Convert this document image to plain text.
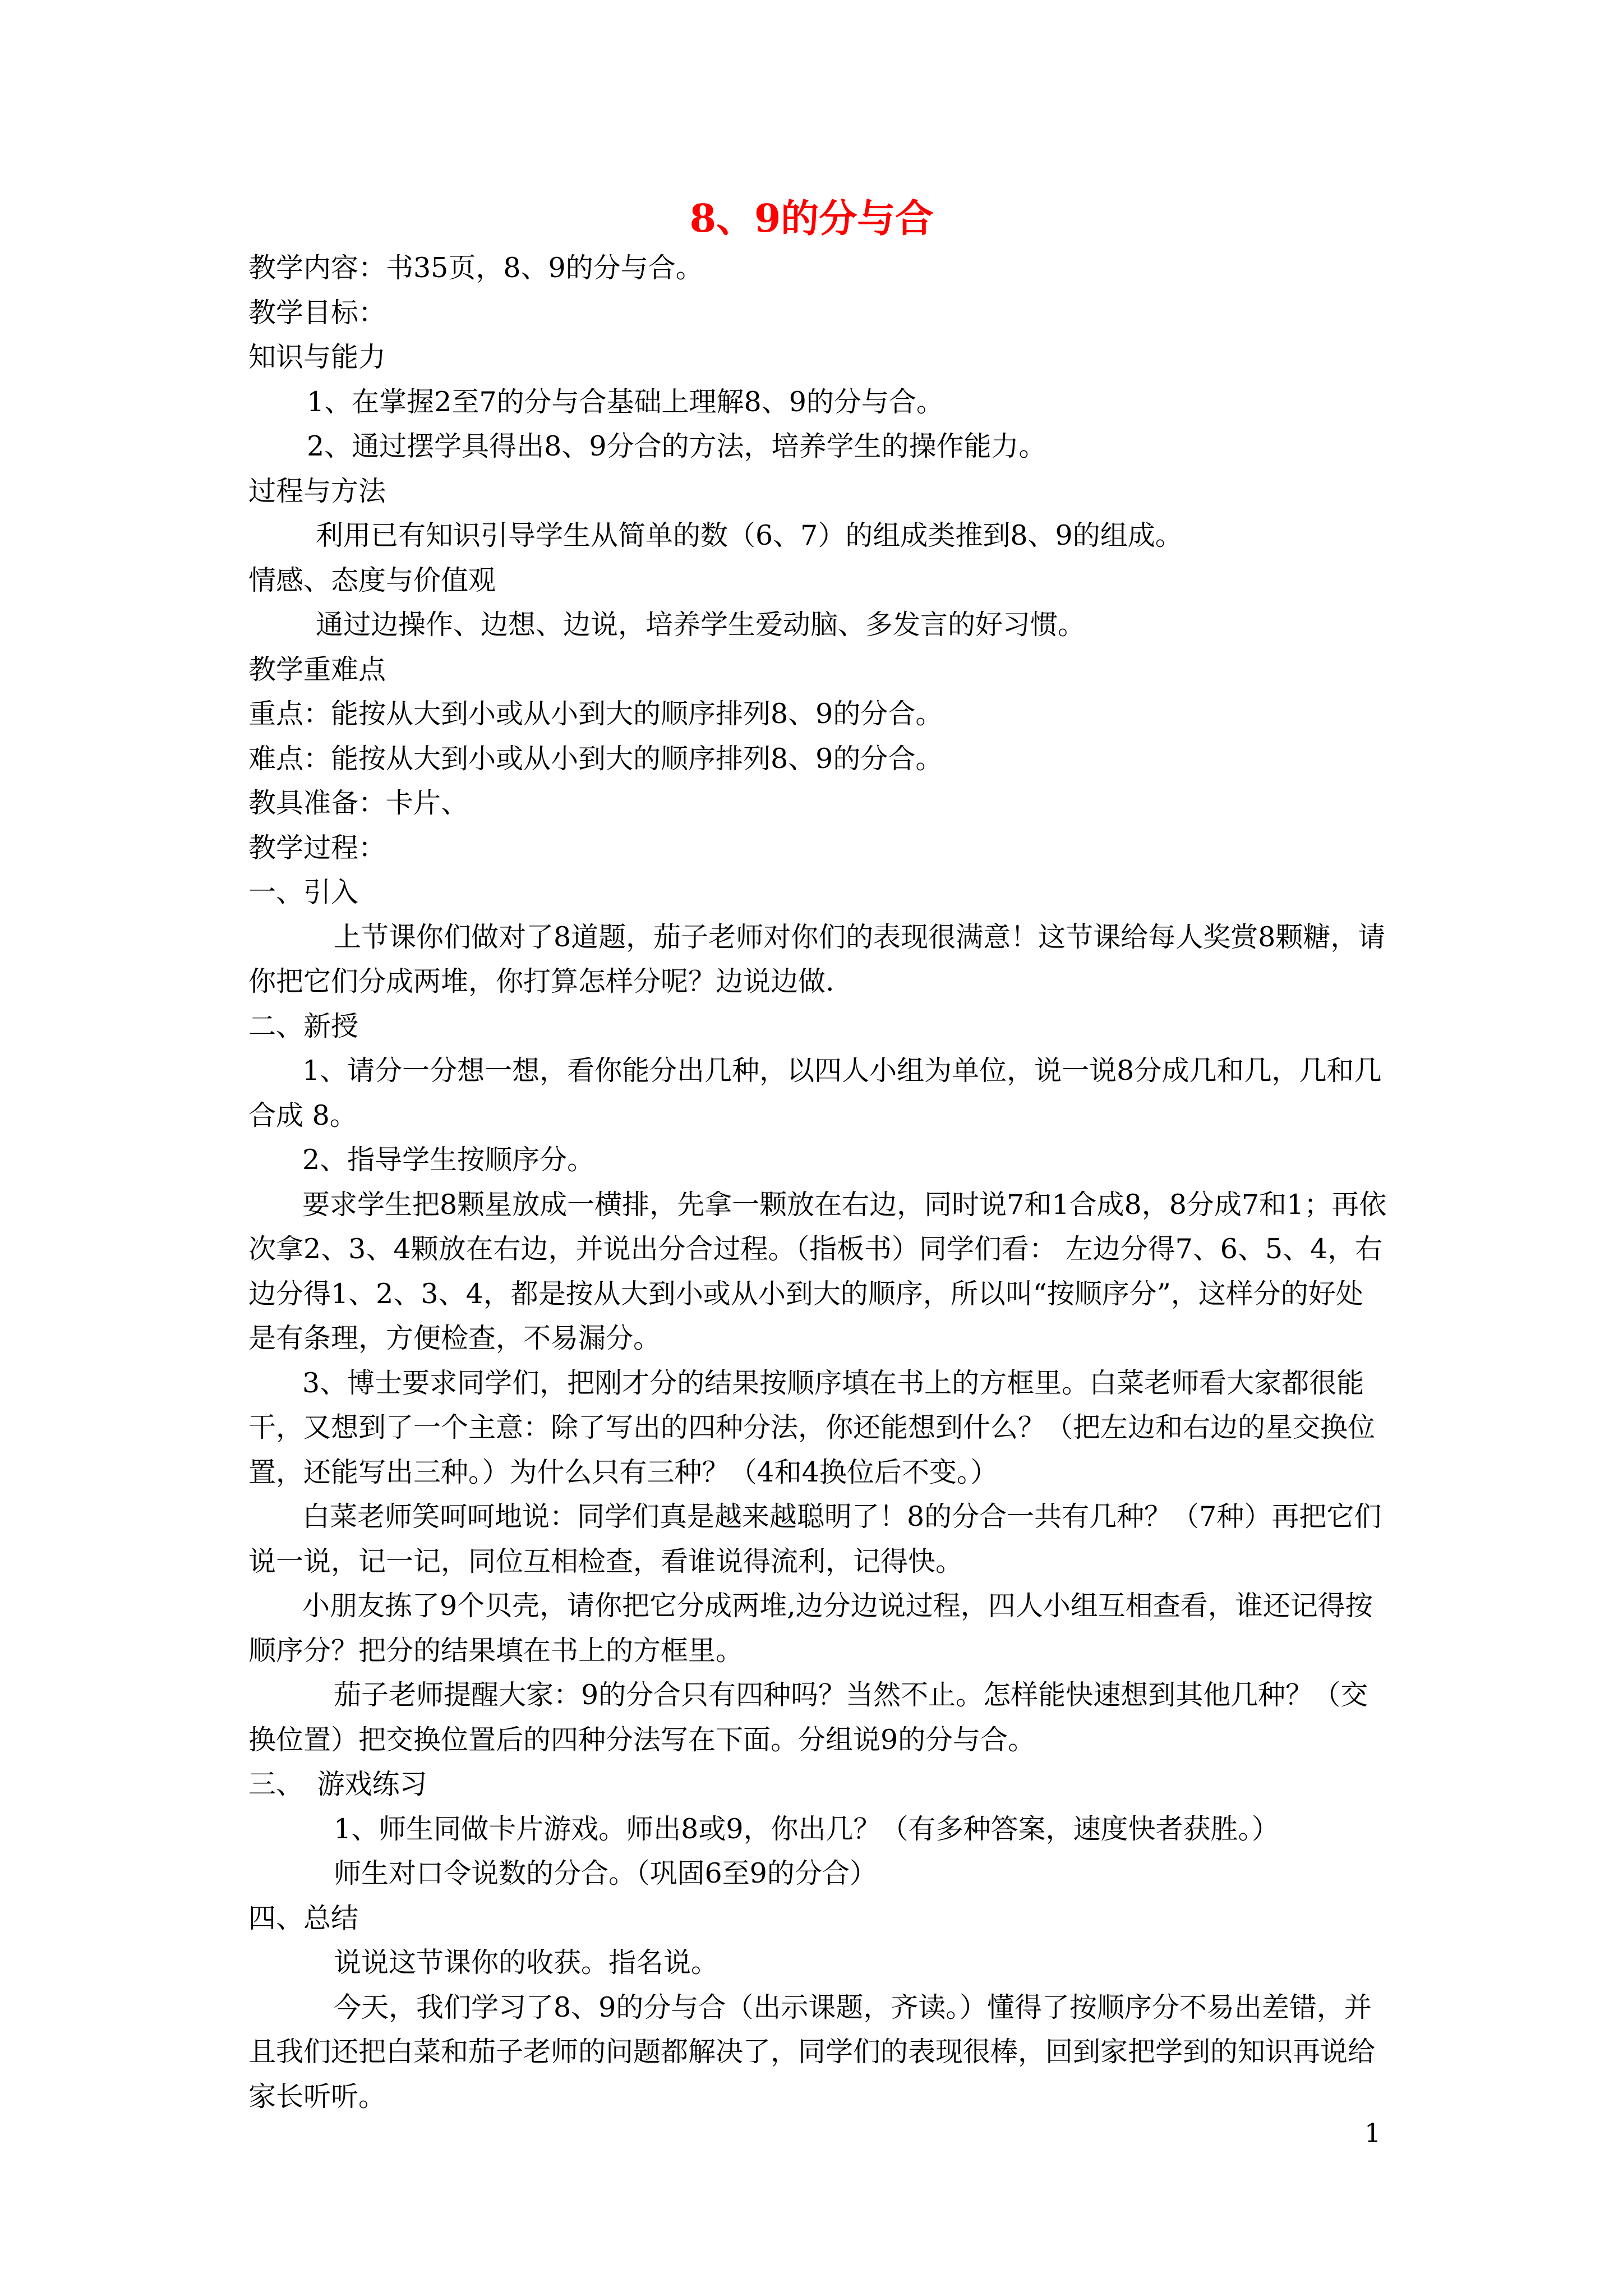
8、9的分与合

教学内容：书35页，8、9的分与合。

教学目标：

知识与能力

1、在掌握2至7的分与合基础上理解8、9的分与合。

2、通过摆学具得出8、9分合的方法，培养学生的操作能力。

过程与方法

利用已有知识引导学生从简单的数（6、7）的组成类推到8、9的组成。

情感、态度与价值观

通过边操作、边想、边说，培养学生爱动脑、多发言的好习惯。

教学重难点

重点：能按从大到小或从小到大的顺序排列8、9的分合。

难点：能按从大到小或从小到大的顺序排列8、9的分合。

教具准备：卡片、

教学过程：

一、引入

上节课你们做对了8道题，茄子老师对你们的表现很满意！这节课给每人奖赏8颗糖，请你把它们分成两堆，你打算怎样分呢？边说边做.

二、新授

1、请分一分想一想，看你能分出几种，以四人小组为单位，说一说8分成几和几，几和几合成 8。

2、指导学生按顺序分。

要求学生把8颗星放成一横排，先拿一颗放在右边，同时说7和1合成8，8分成7和1；再依次拿2、3、4颗放在右边，并说出分合过程。（指板书）同学们看： 左边分得7、6、5、4，右边分得1、2、3、4，都是按从大到小或从小到大的顺序，所以叫“按顺序分”，这样分的好处是有条理，方便检查，不易漏分。

3、博士要求同学们，把刚才分的结果按顺序填在书上的方框里。白菜老师看大家都很能干，又想到了一个主意：除了写出的四种分法，你还能想到什么？（把左边和右边的星交换位置，还能写出三种。）为什么只有三种？（4和4换位后不变。）

白菜老师笑呵呵地说：同学们真是越来越聪明了！8的分合一共有几种？（7种）再把它们说一说，记一记，同位互相检查，看谁说得流利，记得快。

小朋友拣了9个贝壳，请你把它分成两堆,边分边说过程，四人小组互相查看，谁还记得按顺序分？把分的结果填在书上的方框里。

茄子老师提醒大家：9的分合只有四种吗？当然不止。怎样能快速想到其他几种？（交换位置）把交换位置后的四种分法写在下面。分组说9的分与合。

三、　游戏练习

1、师生同做卡片游戏。师出8或9，你出几？（有多种答案，速度快者获胜。）

师生对口令说数的分合。（巩固6至9的分合）

四、总结

说说这节课你的收获。指名说。

今天，我们学习了8、9的分与合（出示课题，齐读。）懂得了按顺序分不易出差错，并且我们还把白菜和茄子老师的问题都解决了，同学们的表现很棒，回到家把学到的知识再说给家长听听。

1
